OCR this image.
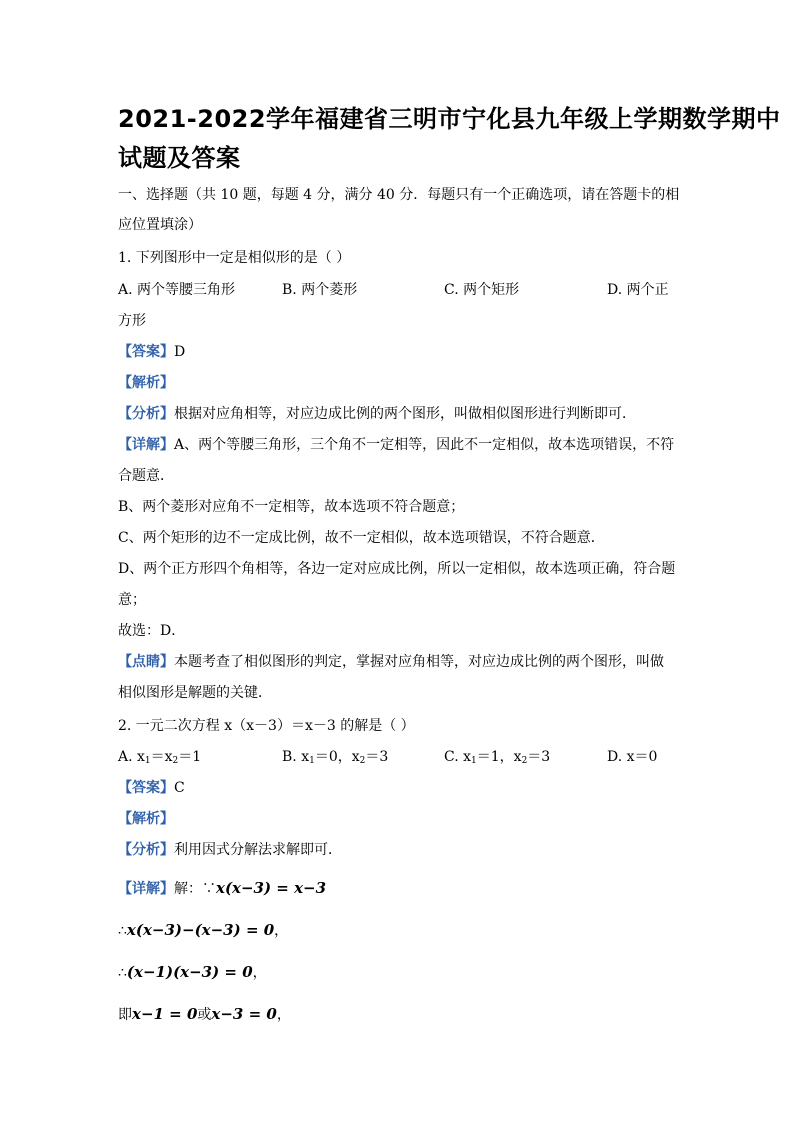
2021-2022学年福建省三明市宁化县九年级上学期数学期中
试题及答案
一、选择题（共 10 题，每题 4 分，满分 40 分．每题只有一个正确选项，请在答题卡的相
应位置填涂）
1. 下列图形中一定是相似形的是（ ）
A. 两个等腰三角形	B. 两个菱形	C. 两个矩形	D. 两个正
方形
【答案】D
【解析】
【分析】根据对应角相等，对应边成比例的两个图形，叫做相似图形进行判断即可．
【详解】A、两个等腰三角形，三个角不一定相等，因此不一定相似，故本选项错误，不符
合题意．
B、两个菱形对应角不一定相等，故本选项不符合题意；
C、两个矩形的边不一定成比例，故不一定相似，故本选项错误，不符合题意．
D、两个正方形四个角相等，各边一定对应成比例，所以一定相似，故本选项正确，符合题
意；
故选：D．
【点睛】本题考查了相似图形的判定，掌握对应角相等，对应边成比例的两个图形，叫做
相似图形是解题的关键．
2. 一元二次方程 x（x－3）＝x－3 的解是（ ）
A. $x_1=x_2=1$	B. $x_1=0$，$x_2=3$	C. $x_1=1$，$x_2=3$	D. x＝0
【答案】C
【解析】
【分析】利用因式分解法求解即可．
【详解】解：∵x(x−3) = x−3
∴x(x−3)−(x−3) = 0，
∴(x−1)(x−3) = 0，
即x−1 = 0或x−3 = 0，
